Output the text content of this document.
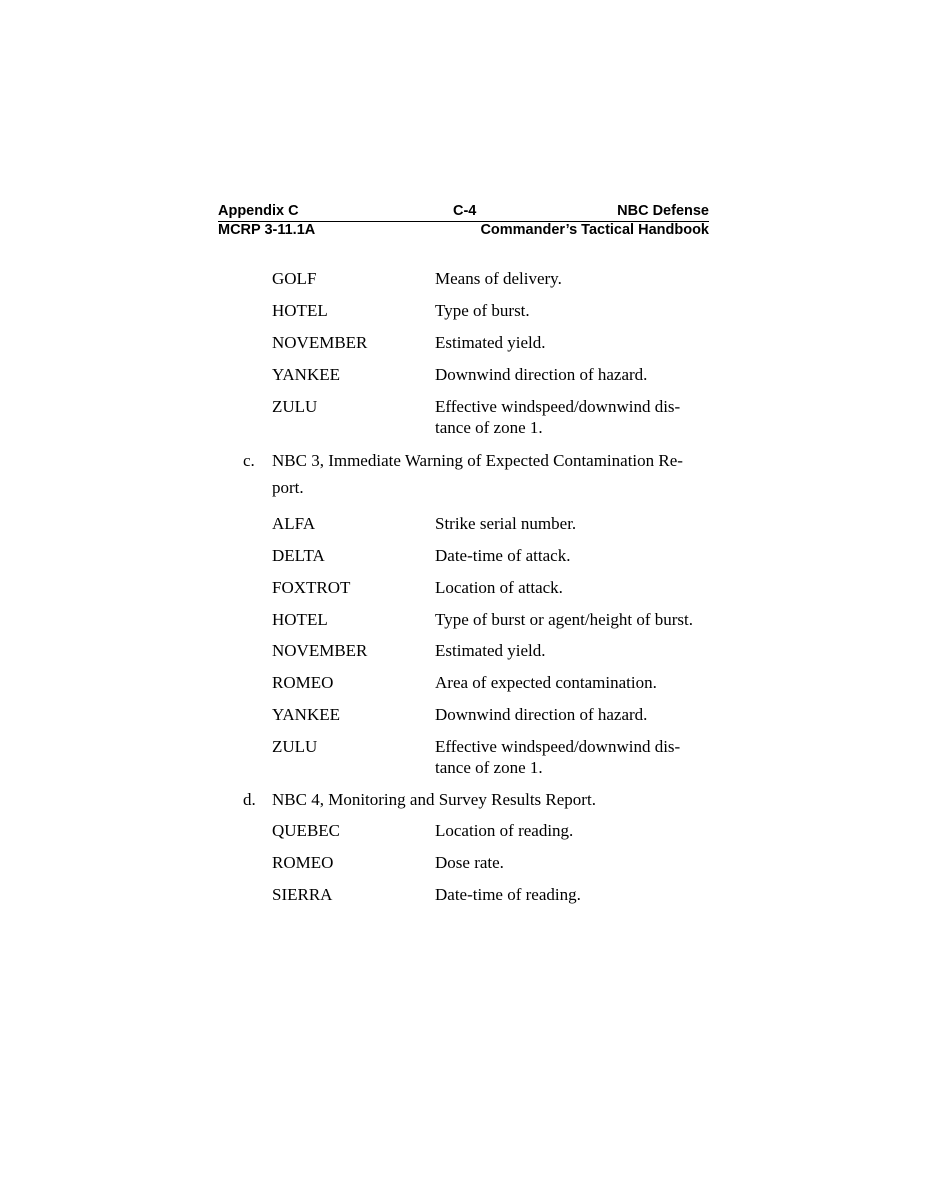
Appendix C	C-4	NBC Defense
MCRP 3-11.1A	Commander’s Tactical Handbook
GOLF	Means of delivery.
HOTEL	Type of burst.
NOVEMBER	Estimated yield.
YANKEE	Downwind direction of hazard.
ZULU	Effective windspeed/downwind dis-
tance of zone 1.
c. NBC 3, Immediate Warning of Expected Contamination Re-
port.
ALFA	Strike serial number.
DELTA	Date-time of attack.
FOXTROT	Location of attack.
HOTEL	Type of burst or agent/height of burst.
NOVEMBER	Estimated yield.
ROMEO	Area of expected contamination.
YANKEE	Downwind direction of hazard.
ZULU	Effective windspeed/downwind dis-
tance of zone 1.
d. NBC 4, Monitoring and Survey Results Report.
QUEBEC	Location of reading.
ROMEO	Dose rate.
SIERRA	Date-time of reading.
